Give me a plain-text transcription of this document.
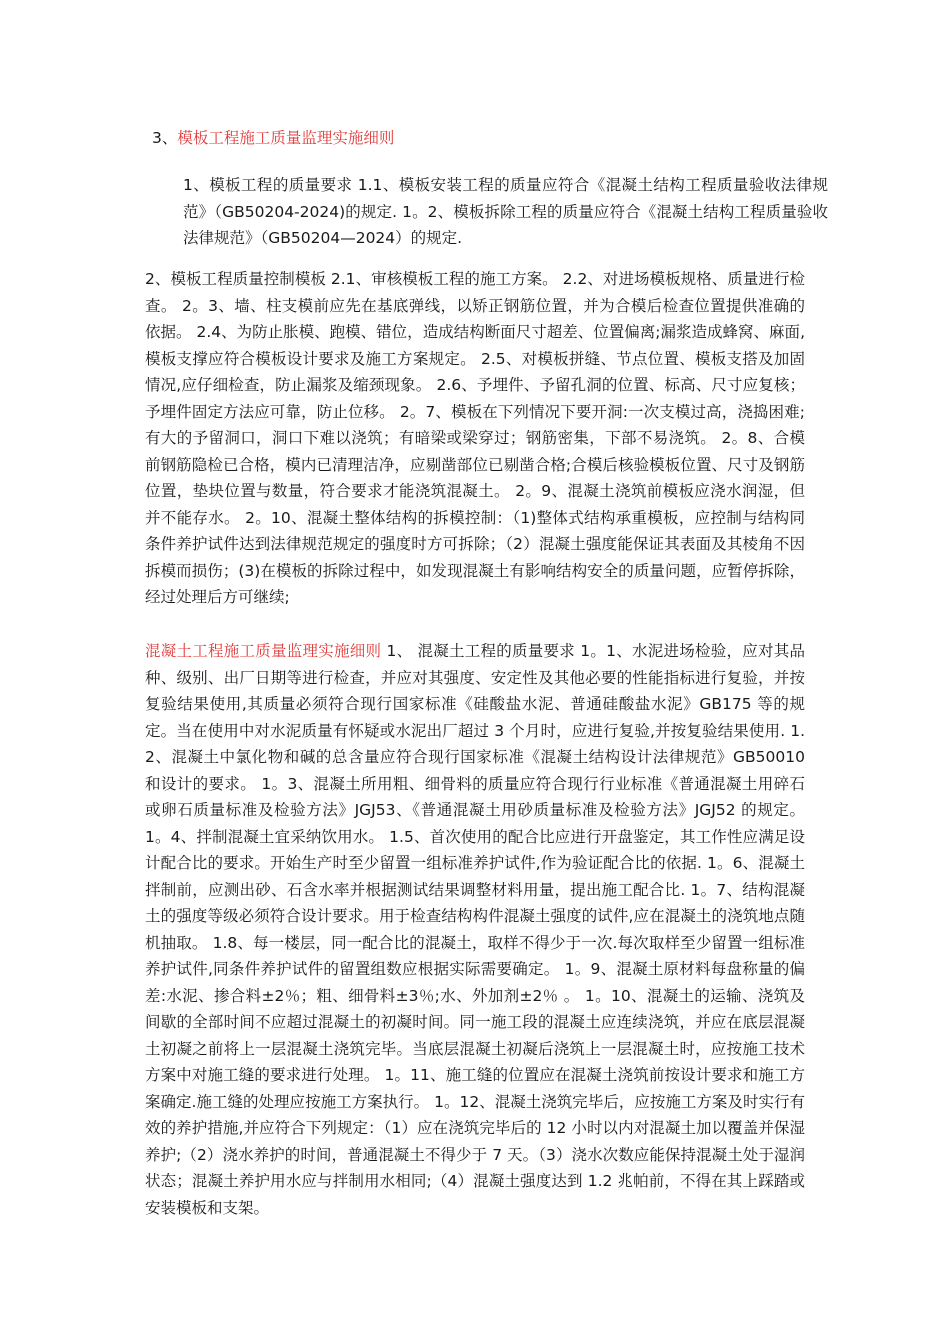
3、模板工程施工质量监理实施细则
1、模板工程的质量要求 1.1、模板安装工程的质量应符合《混凝土结构工程质量验收法律规范》（GB50204-2024)的规定. 1。2、模板拆除工程的质量应符合《混凝土结构工程质量验收法律规范》（GB50204—2024）的规定.
2、模板工程质量控制模板 2.1、审核模板工程的施工方案。 2.2、对进场模板规格、质量进行检查。 2。3、墙、柱支模前应先在基底弹线，以矫正钢筋位置，并为合模后检查位置提供准确的依据。 2.4、为防止胀模、跑模、错位，造成结构断面尺寸超差、位置偏离;漏浆造成蜂窝、麻面,模板支撑应符合模板设计要求及施工方案规定。 2.5、对模板拼缝、节点位置、模板支搭及加固情况,应仔细检查，防止漏浆及缩颈现象。 2.6、予埋件、予留孔洞的位置、标高、尺寸应复核；予埋件固定方法应可靠，防止位移。 2。7、模板在下列情况下要开洞:一次支模过高，浇捣困难;有大的予留洞口，洞口下难以浇筑；有暗梁或梁穿过；钢筋密集，下部不易浇筑。 2。8、合模前钢筋隐检已合格，模内已清理洁净，应剔凿部位已剔凿合格;合模后核验模板位置、尺寸及钢筋位置，垫块位置与数量，符合要求才能浇筑混凝土。 2。9、混凝土浇筑前模板应浇水润湿，但并不能存水。 2。10、混凝土整体结构的拆模控制：（1)整体式结构承重模板，应控制与结构同条件养护试件达到法律规范规定的强度时方可拆除；（2）混凝土强度能保证其表面及其棱角不因拆模而损伤；(3)在模板的拆除过程中，如发现混凝土有影响结构安全的质量问题，应暂停拆除，经过处理后方可继续;
混凝土工程施工质量监理实施细则 1、 混凝土工程的质量要求 1。1、水泥进场检验，应对其品种、级别、出厂日期等进行检查，并应对其强度、安定性及其他必要的性能指标进行复验，并按复验结果使用,其质量必须符合现行国家标准《硅酸盐水泥、普通硅酸盐水泥》GB175 等的规定。当在使用中对水泥质量有怀疑或水泥出厂超过 3 个月时，应进行复验,并按复验结果使用. 1.2、混凝土中氯化物和碱的总含量应符合现行国家标准《混凝土结构设计法律规范》GB50010 和设计的要求。 1。3、混凝土所用粗、细骨料的质量应符合现行行业标准《普通混凝土用碎石或卵石质量标准及检验方法》JGJ53、《普通混凝土用砂质量标准及检验方法》JGJ52 的规定。 1。4、拌制混凝土宜采纳饮用水。 1.5、首次使用的配合比应进行开盘鉴定，其工作性应满足设计配合比的要求。开始生产时至少留置一组标准养护试件,作为验证配合比的依据. 1。6、混凝土拌制前，应测出砂、石含水率并根据测试结果调整材料用量，提出施工配合比. 1。7、结构混凝土的强度等级必须符合设计要求。用于检查结构构件混凝土强度的试件,应在混凝土的浇筑地点随机抽取。 1.8、每一楼层，同一配合比的混凝土，取样不得少于一次.每次取样至少留置一组标准养护试件,同条件养护试件的留置组数应根据实际需要确定。 1。9、混凝土原材料每盘称量的偏差:水泥、掺合料±2％；粗、细骨料±3％;水、外加剂±2％ 。 1。10、混凝土的运输、浇筑及间歇的全部时间不应超过混凝土的初凝时间。同一施工段的混凝土应连续浇筑，并应在底层混凝土初凝之前将上一层混凝土浇筑完毕。当底层混凝土初凝后浇筑上一层混凝土时，应按施工技术方案中对施工缝的要求进行处理。 1。11、施工缝的位置应在混凝土浇筑前按设计要求和施工方案确定.施工缝的处理应按施工方案执行。 1。12、混凝土浇筑完毕后，应按施工方案及时实行有效的养护措施,并应符合下列规定：（1）应在浇筑完毕后的 12 小时以内对混凝土加以覆盖并保湿养护;（2）浇水养护的时间，普通混凝土不得少于 7 天。（3）浇水次数应能保持混凝土处于湿润状态；混凝土养护用水应与拌制用水相同;（4）混凝土强度达到 1.2 兆帕前，不得在其上踩踏或安装模板和支架。
